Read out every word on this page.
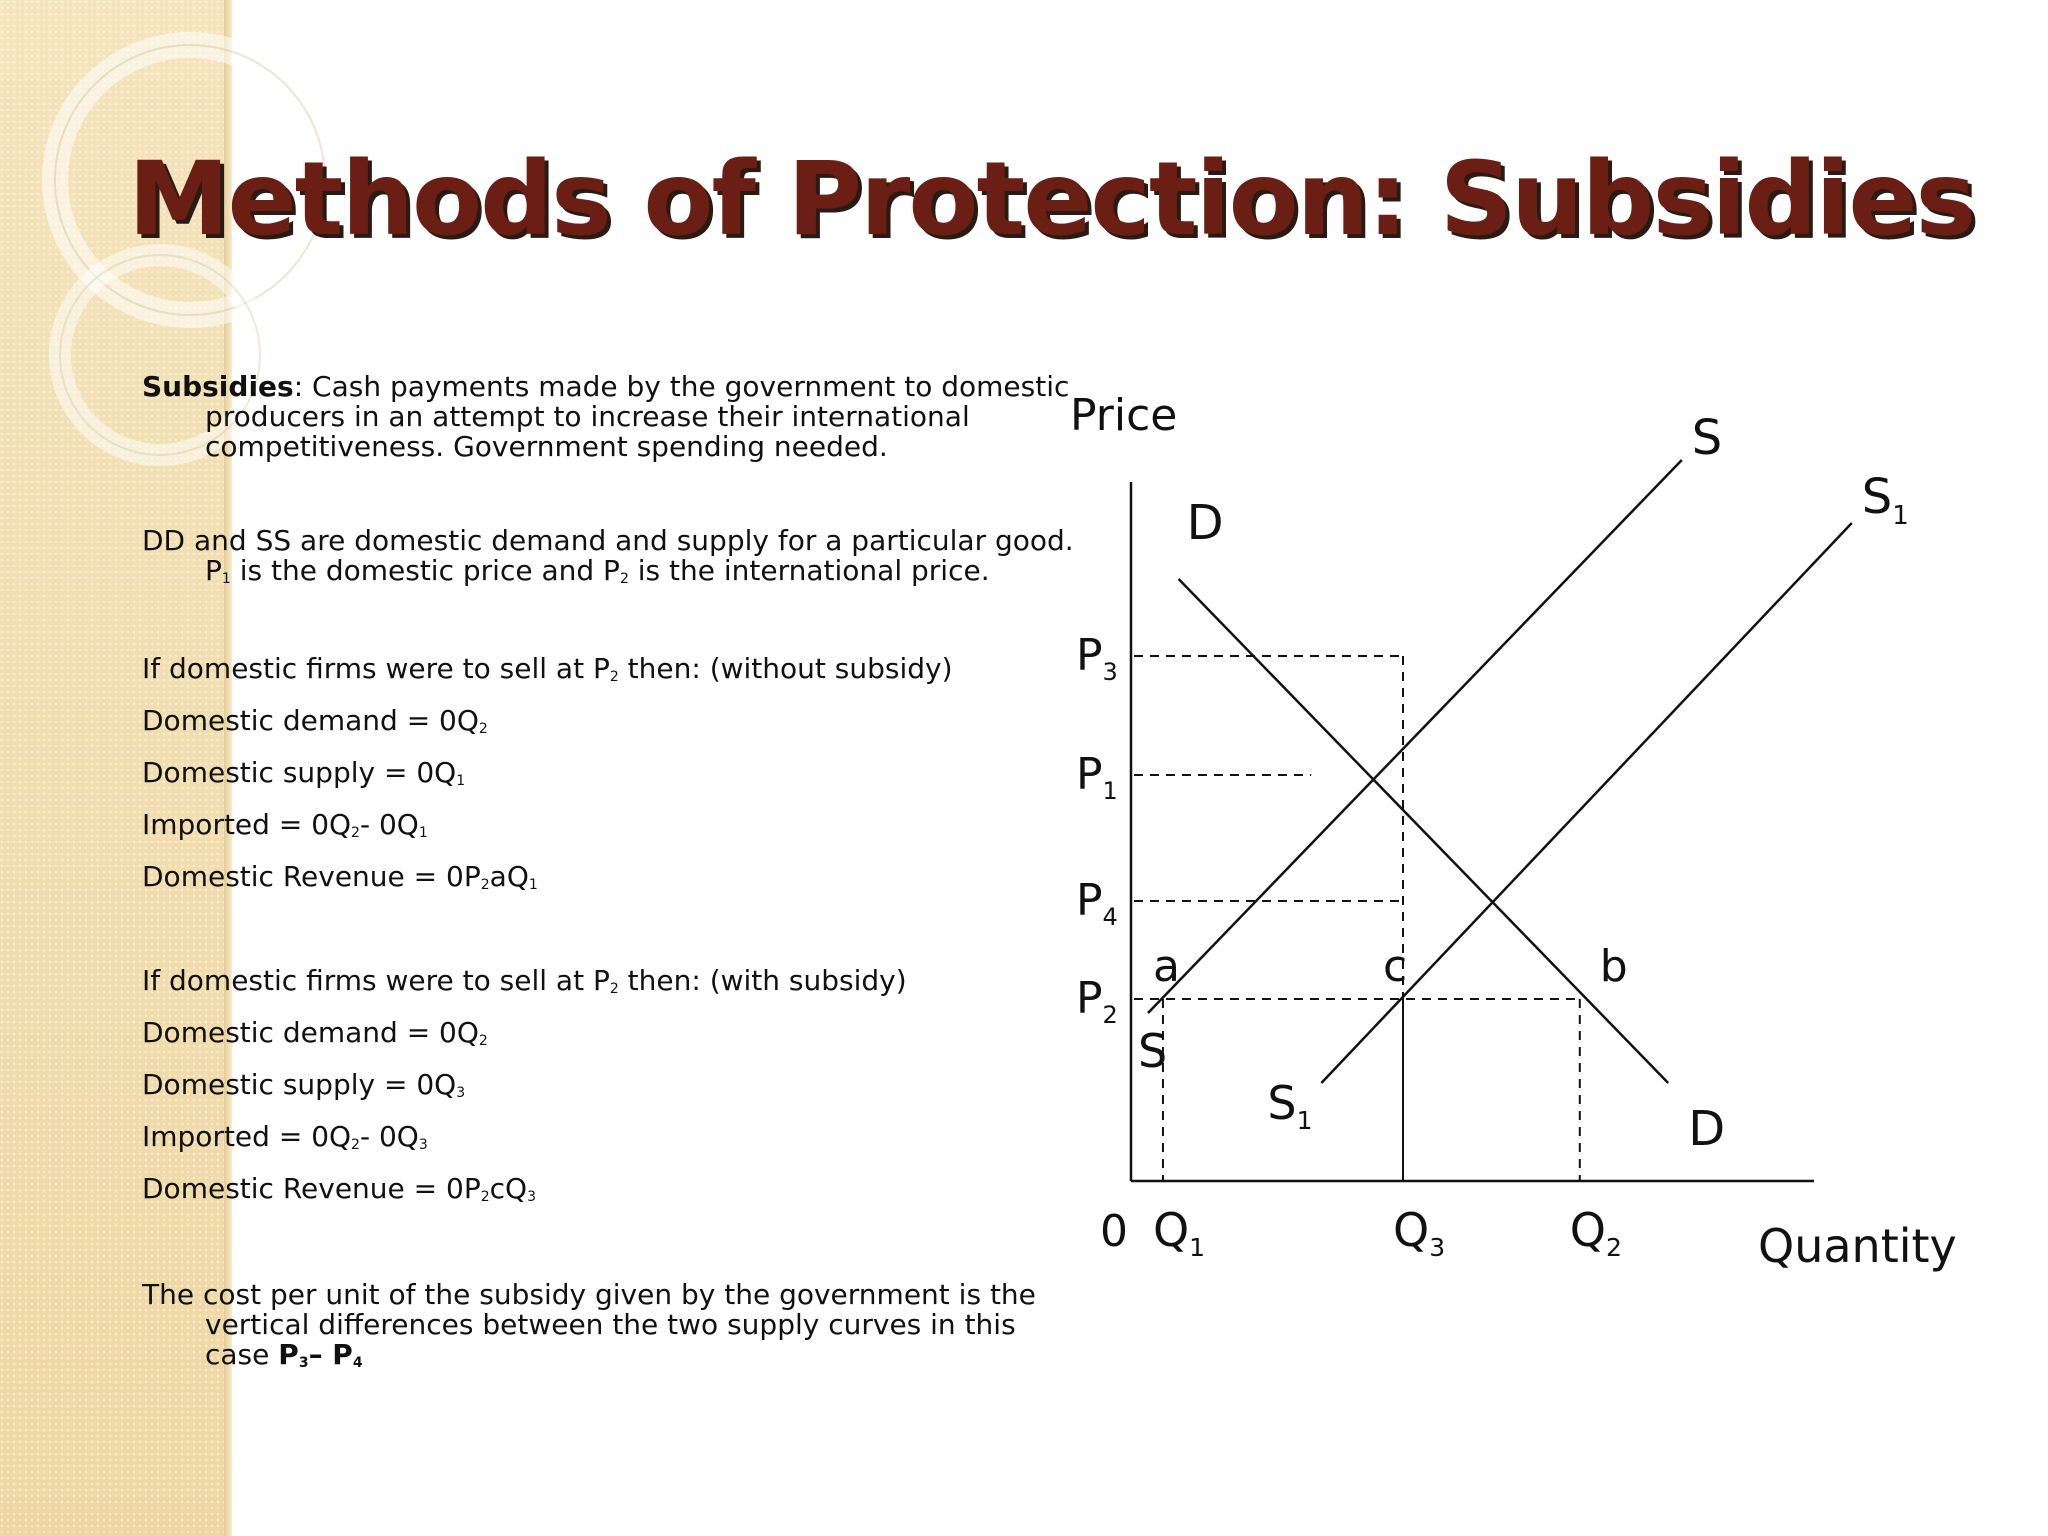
Methods of Protection: Subsidies

Subsidies: Cash payments made by the government to domestic producers in an attempt to increase their international competitiveness. Government spending needed.

DD and SS are domestic demand and supply for a particular good. $P_1$ is the domestic price and $P_2$ is the international price.

If domestic firms were to sell at $P_2$ then: (without subsidy)

Domestic demand = $0Q_2$

Domestic supply = $0Q_1$

Imported = $0Q_2-$ $0Q_1$

Domestic Revenue = $0P_2aQ_1$

If domestic firms were to sell at $P_2$ then: (with subsidy)

Domestic demand = $0Q_2$

Domestic supply = $0Q_3$

Imported = $0Q_2-$ $0Q_3$

Domestic Revenue = $0P_2cQ_3$

The cost per unit of the subsidy given by the government is the vertical differences between the two supply curves in this case $P_3-$ $P_4$

$P_3$
$P_1$
$P_4$
$P_2$
$Q_1$	$Q_3$	$Q_2$
D
D
S
S
$S_1$
$S_1$
a	c	b
Price
Quantity
0
